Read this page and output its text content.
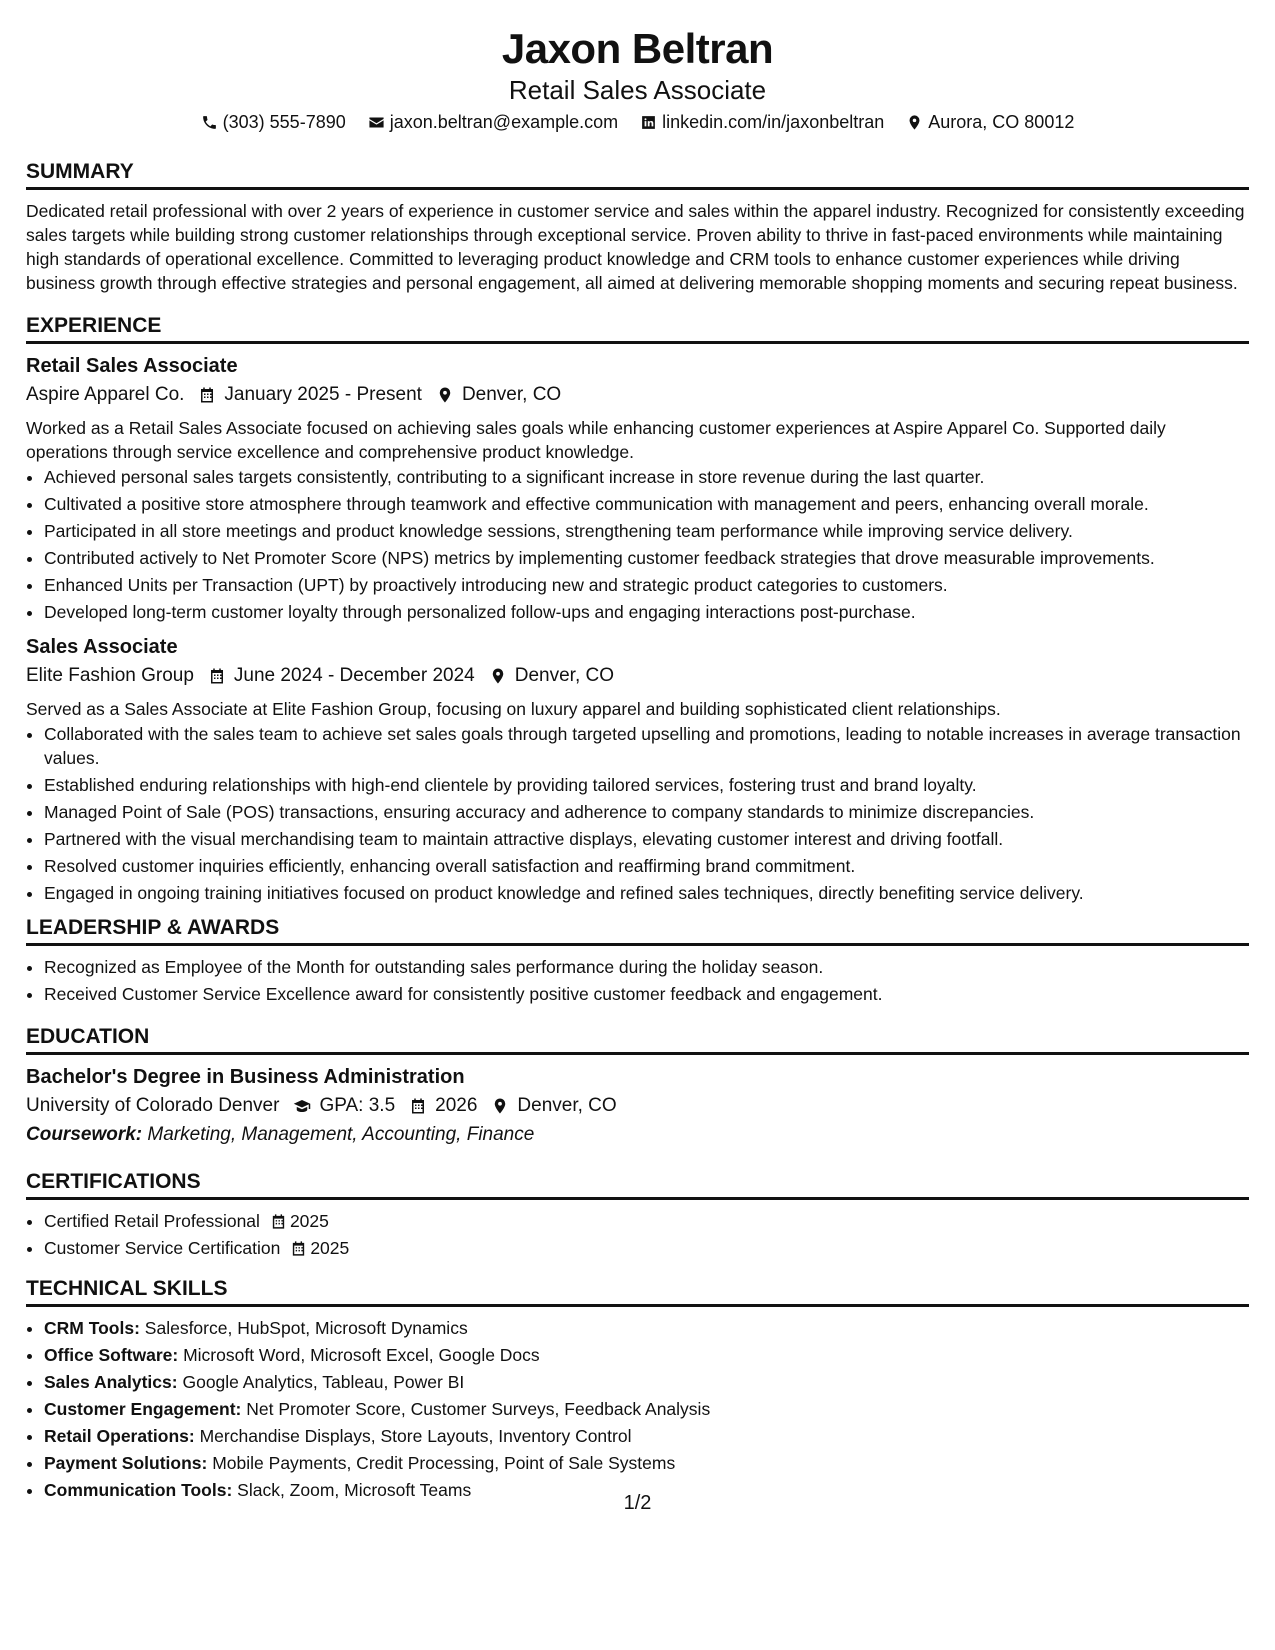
Jaxon Beltran
Retail Sales Associate
(303) 555-7890 jaxon.beltran@example.com linkedin.com/in/jaxonbeltran Aurora, CO 80012
SUMMARY

Dedicated retail professional with over 2 years of experience in customer service and sales within the apparel industry. Recognized for consistently exceeding sales targets while building strong customer relationships through exceptional service. Proven ability to thrive in fast-paced environments while maintaining high standards of operational excellence. Committed to leveraging product knowledge and CRM tools to enhance customer experiences while driving business growth through effective strategies and personal engagement, all aimed at delivering memorable shopping moments and securing repeat business.

EXPERIENCE
Retail Sales Associate
Aspire Apparel Co. January 2025 - Present Denver, CO

Worked as a Retail Sales Associate focused on achieving sales goals while enhancing customer experiences at Aspire Apparel Co. Supported daily operations through service excellence and comprehensive product knowledge.

• Achieved personal sales targets consistently, contributing to a significant increase in store revenue during the last quarter.
• Cultivated a positive store atmosphere through teamwork and effective communication with management and peers, enhancing overall morale.
• Participated in all store meetings and product knowledge sessions, strengthening team performance while improving service delivery.
• Contributed actively to Net Promoter Score (NPS) metrics by implementing customer feedback strategies that drove measurable improvements.
• Enhanced Units per Transaction (UPT) by proactively introducing new and strategic product categories to customers.
• Developed long-term customer loyalty through personalized follow-ups and engaging interactions post-purchase.
Sales Associate
Elite Fashion Group June 2024 - December 2024 Denver, CO

Served as a Sales Associate at Elite Fashion Group, focusing on luxury apparel and building sophisticated client relationships.

• Collaborated with the sales team to achieve set sales goals through targeted upselling and promotions, leading to notable increases in average transaction values.
• Established enduring relationships with high-end clientele by providing tailored services, fostering trust and brand loyalty.
• Managed Point of Sale (POS) transactions, ensuring accuracy and adherence to company standards to minimize discrepancies.
• Partnered with the visual merchandising team to maintain attractive displays, elevating customer interest and driving footfall.
• Resolved customer inquiries efficiently, enhancing overall satisfaction and reaffirming brand commitment.
• Engaged in ongoing training initiatives focused on product knowledge and refined sales techniques, directly benefiting service delivery.
LEADERSHIP & AWARDS
• Recognized as Employee of the Month for outstanding sales performance during the holiday season.
• Received Customer Service Excellence award for consistently positive customer feedback and engagement.
EDUCATION
Bachelor's Degree in Business Administration
University of Colorado Denver GPA: 3.5 2026 Denver, CO
Coursework: Marketing, Management, Accounting, Finance
CERTIFICATIONS
• Certified Retail Professional 2025
• Customer Service Certification 2025
TECHNICAL SKILLS
• CRM Tools: Salesforce, HubSpot, Microsoft Dynamics
• Office Software: Microsoft Word, Microsoft Excel, Google Docs
• Sales Analytics: Google Analytics, Tableau, Power BI
• Customer Engagement: Net Promoter Score, Customer Surveys, Feedback Analysis
• Retail Operations: Merchandise Displays, Store Layouts, Inventory Control
• Payment Solutions: Mobile Payments, Credit Processing, Point of Sale Systems
• Communication Tools: Slack, Zoom, Microsoft Teams
1/2
